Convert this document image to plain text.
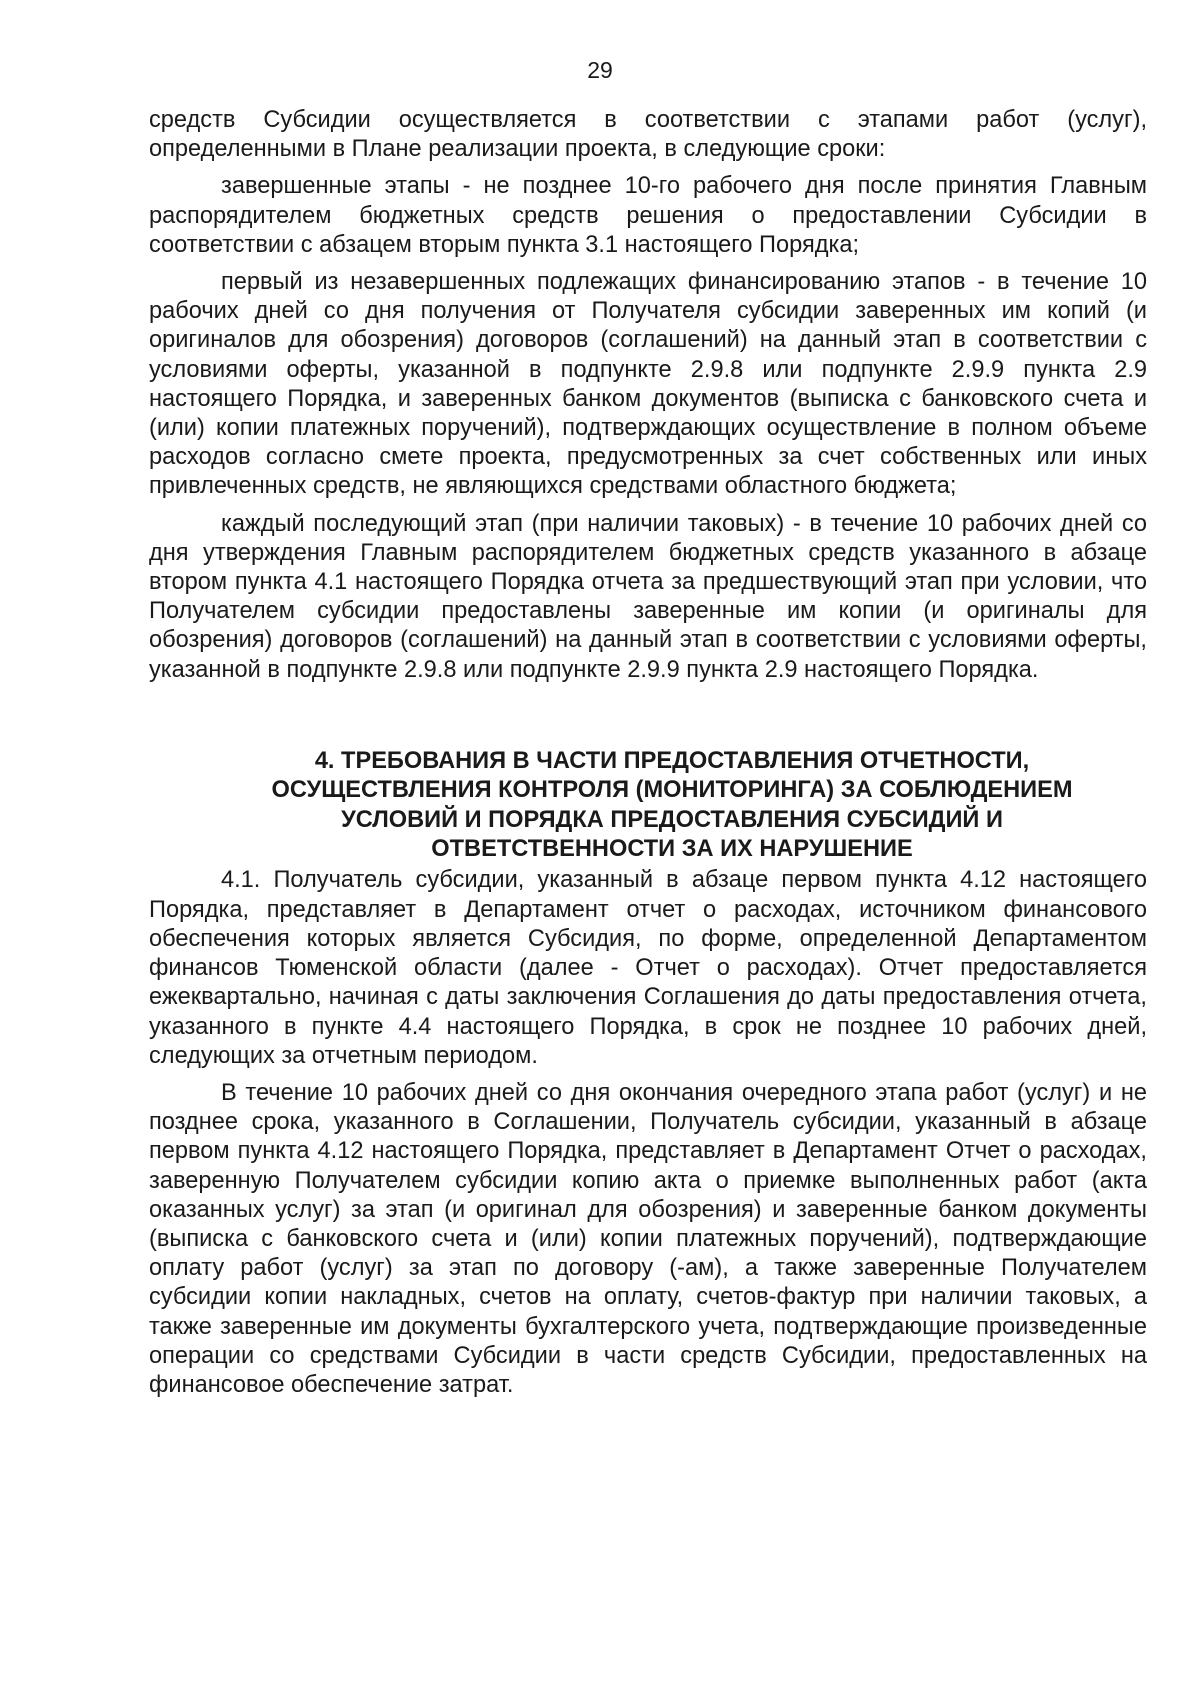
29

средств Субсидии осуществляется в соответствии с этапами работ (услуг), определенными в Плане реализации проекта, в следующие сроки:

завершенные этапы - не позднее 10-го рабочего дня после принятия Главным распорядителем бюджетных средств решения о предоставлении Субсидии в соответствии с абзацем вторым пункта 3.1 настоящего Порядка;

первый из незавершенных подлежащих финансированию этапов - в течение 10 рабочих дней со дня получения от Получателя субсидии заверенных им копий (и оригиналов для обозрения) договоров (соглашений) на данный этап в соответствии с условиями оферты, указанной в подпункте 2.9.8 или подпункте 2.9.9 пункта 2.9 настоящего Порядка, и заверенных банком документов (выписка с банковского счета и (или) копии платежных поручений), подтверждающих осуществление в полном объеме расходов согласно смете проекта, предусмотренных за счет собственных или иных привлеченных средств, не являющихся средствами областного бюджета;

каждый последующий этап (при наличии таковых) - в течение 10 рабочих дней со дня утверждения Главным распорядителем бюджетных средств указанного в абзаце втором пункта 4.1 настоящего Порядка отчета за предшествующий этап при условии, что Получателем субсидии предоставлены заверенные им копии (и оригиналы для обозрения) договоров (соглашений) на данный этап в соответствии с условиями оферты, указанной в подпункте 2.9.8 или подпункте 2.9.9 пункта 2.9 настоящего Порядка.

4. ТРЕБОВАНИЯ В ЧАСТИ ПРЕДОСТАВЛЕНИЯ ОТЧЕТНОСТИ,
ОСУЩЕСТВЛЕНИЯ КОНТРОЛЯ (МОНИТОРИНГА) ЗА СОБЛЮДЕНИЕМ
УСЛОВИЙ И ПОРЯДКА ПРЕДОСТАВЛЕНИЯ СУБСИДИЙ И
ОТВЕТСТВЕННОСТИ ЗА ИХ НАРУШЕНИЕ

4.1. Получатель субсидии, указанный в абзаце первом пункта 4.12 настоящего Порядка, представляет в Департамент отчет о расходах, источником финансового обеспечения которых является Субсидия, по форме, определенной Департаментом финансов Тюменской области (далее - Отчет о расходах). Отчет предоставляется ежеквартально, начиная с даты заключения Соглашения до даты предоставления отчета, указанного в пункте 4.4 настоящего Порядка, в срок не позднее 10 рабочих дней, следующих за отчетным периодом.

В течение 10 рабочих дней со дня окончания очередного этапа работ (услуг) и не позднее срока, указанного в Соглашении, Получатель субсидии, указанный в абзаце первом пункта 4.12 настоящего Порядка, представляет в Департамент Отчет о расходах, заверенную Получателем субсидии копию акта о приемке выполненных работ (акта оказанных услуг) за этап (и оригинал для обозрения) и заверенные банком документы (выписка с банковского счета и (или) копии платежных поручений), подтверждающие оплату работ (услуг) за этап по договору (-ам), а также заверенные Получателем субсидии копии накладных, счетов на оплату, счетов-фактур при наличии таковых, а также заверенные им документы бухгалтерского учета, подтверждающие произведенные операции со средствами Субсидии в части средств Субсидии, предоставленных на финансовое обеспечение затрат.
